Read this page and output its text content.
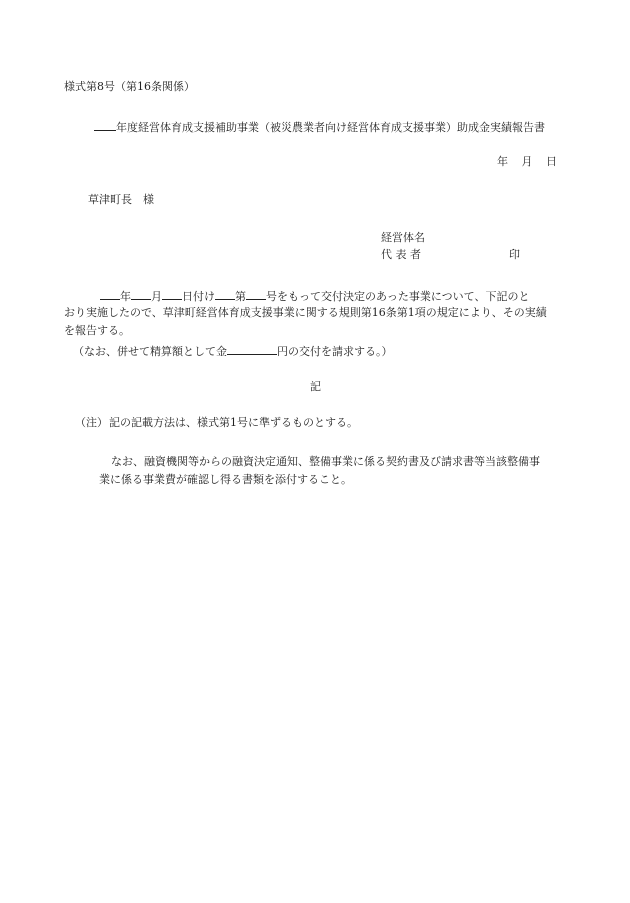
様式第8号（第16条関係）
年度経営体育成支援補助事業（被災農業者向け経営体育成支援事業）助成金実績報告書
年 月 日
草津町長　様
経営体名
代 表 者	印
年 月 日付け 第 号をもって交付決定のあった事業について、下記のと
おり実施したので、草津町経営体育成支援事業に関する規則第16条第1項の規定により、その実績
を報告する。
（なお、併せて精算額として金	円の交付を請求する。）
記
（注）記の記載方法は、様式第1号に準ずるものとする。
なお、融資機関等からの融資決定通知、整備事業に係る契約書及び請求書等当該整備事
業に係る事業費が確認し得る書類を添付すること。
